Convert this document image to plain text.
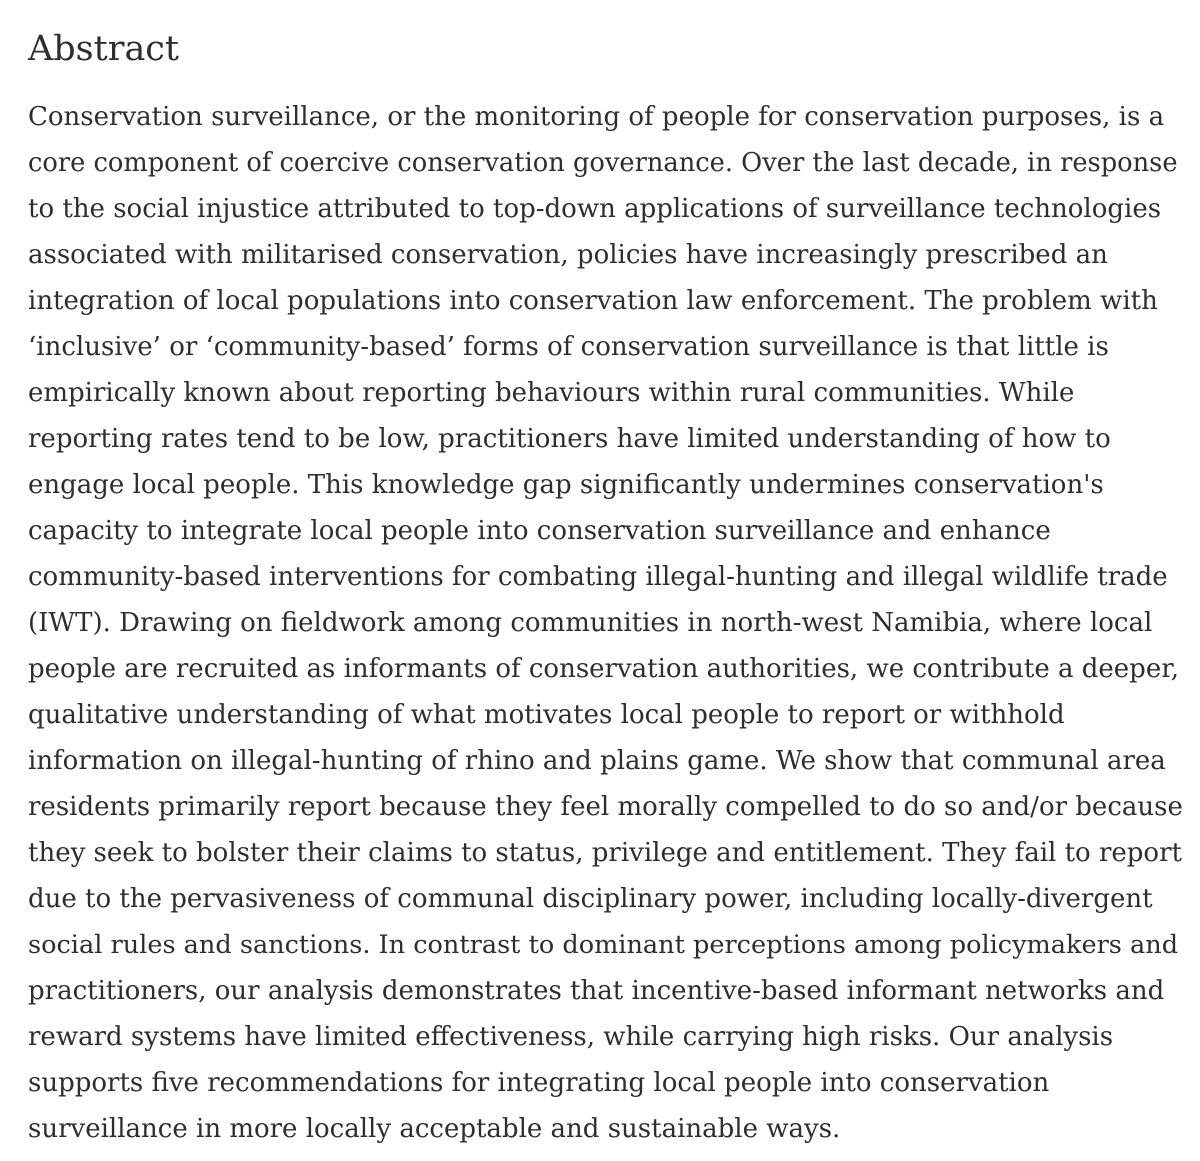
Abstract
Conservation surveillance, or the monitoring of people for conservation purposes, is a
core component of coercive conservation governance. Over the last decade, in response
to the social injustice attributed to top-down applications of surveillance technologies
associated with militarised conservation, policies have increasingly prescribed an
integration of local populations into conservation law enforcement. The problem with
‘inclusive’ or ‘community-based’ forms of conservation surveillance is that little is
empirically known about reporting behaviours within rural communities. While
reporting rates tend to be low, practitioners have limited understanding of how to
engage local people. This knowledge gap significantly undermines conservation's
capacity to integrate local people into conservation surveillance and enhance
community-based interventions for combating illegal-hunting and illegal wildlife trade
(IWT). Drawing on fieldwork among communities in north-west Namibia, where local
people are recruited as informants of conservation authorities, we contribute a deeper,
qualitative understanding of what motivates local people to report or withhold
information on illegal-hunting of rhino and plains game. We show that communal area
residents primarily report because they feel morally compelled to do so and/or because
they seek to bolster their claims to status, privilege and entitlement. They fail to report
due to the pervasiveness of communal disciplinary power, including locally-divergent
social rules and sanctions. In contrast to dominant perceptions among policymakers and
practitioners, our analysis demonstrates that incentive-based informant networks and
reward systems have limited effectiveness, while carrying high risks. Our analysis
supports five recommendations for integrating local people into conservation
surveillance in more locally acceptable and sustainable ways.
